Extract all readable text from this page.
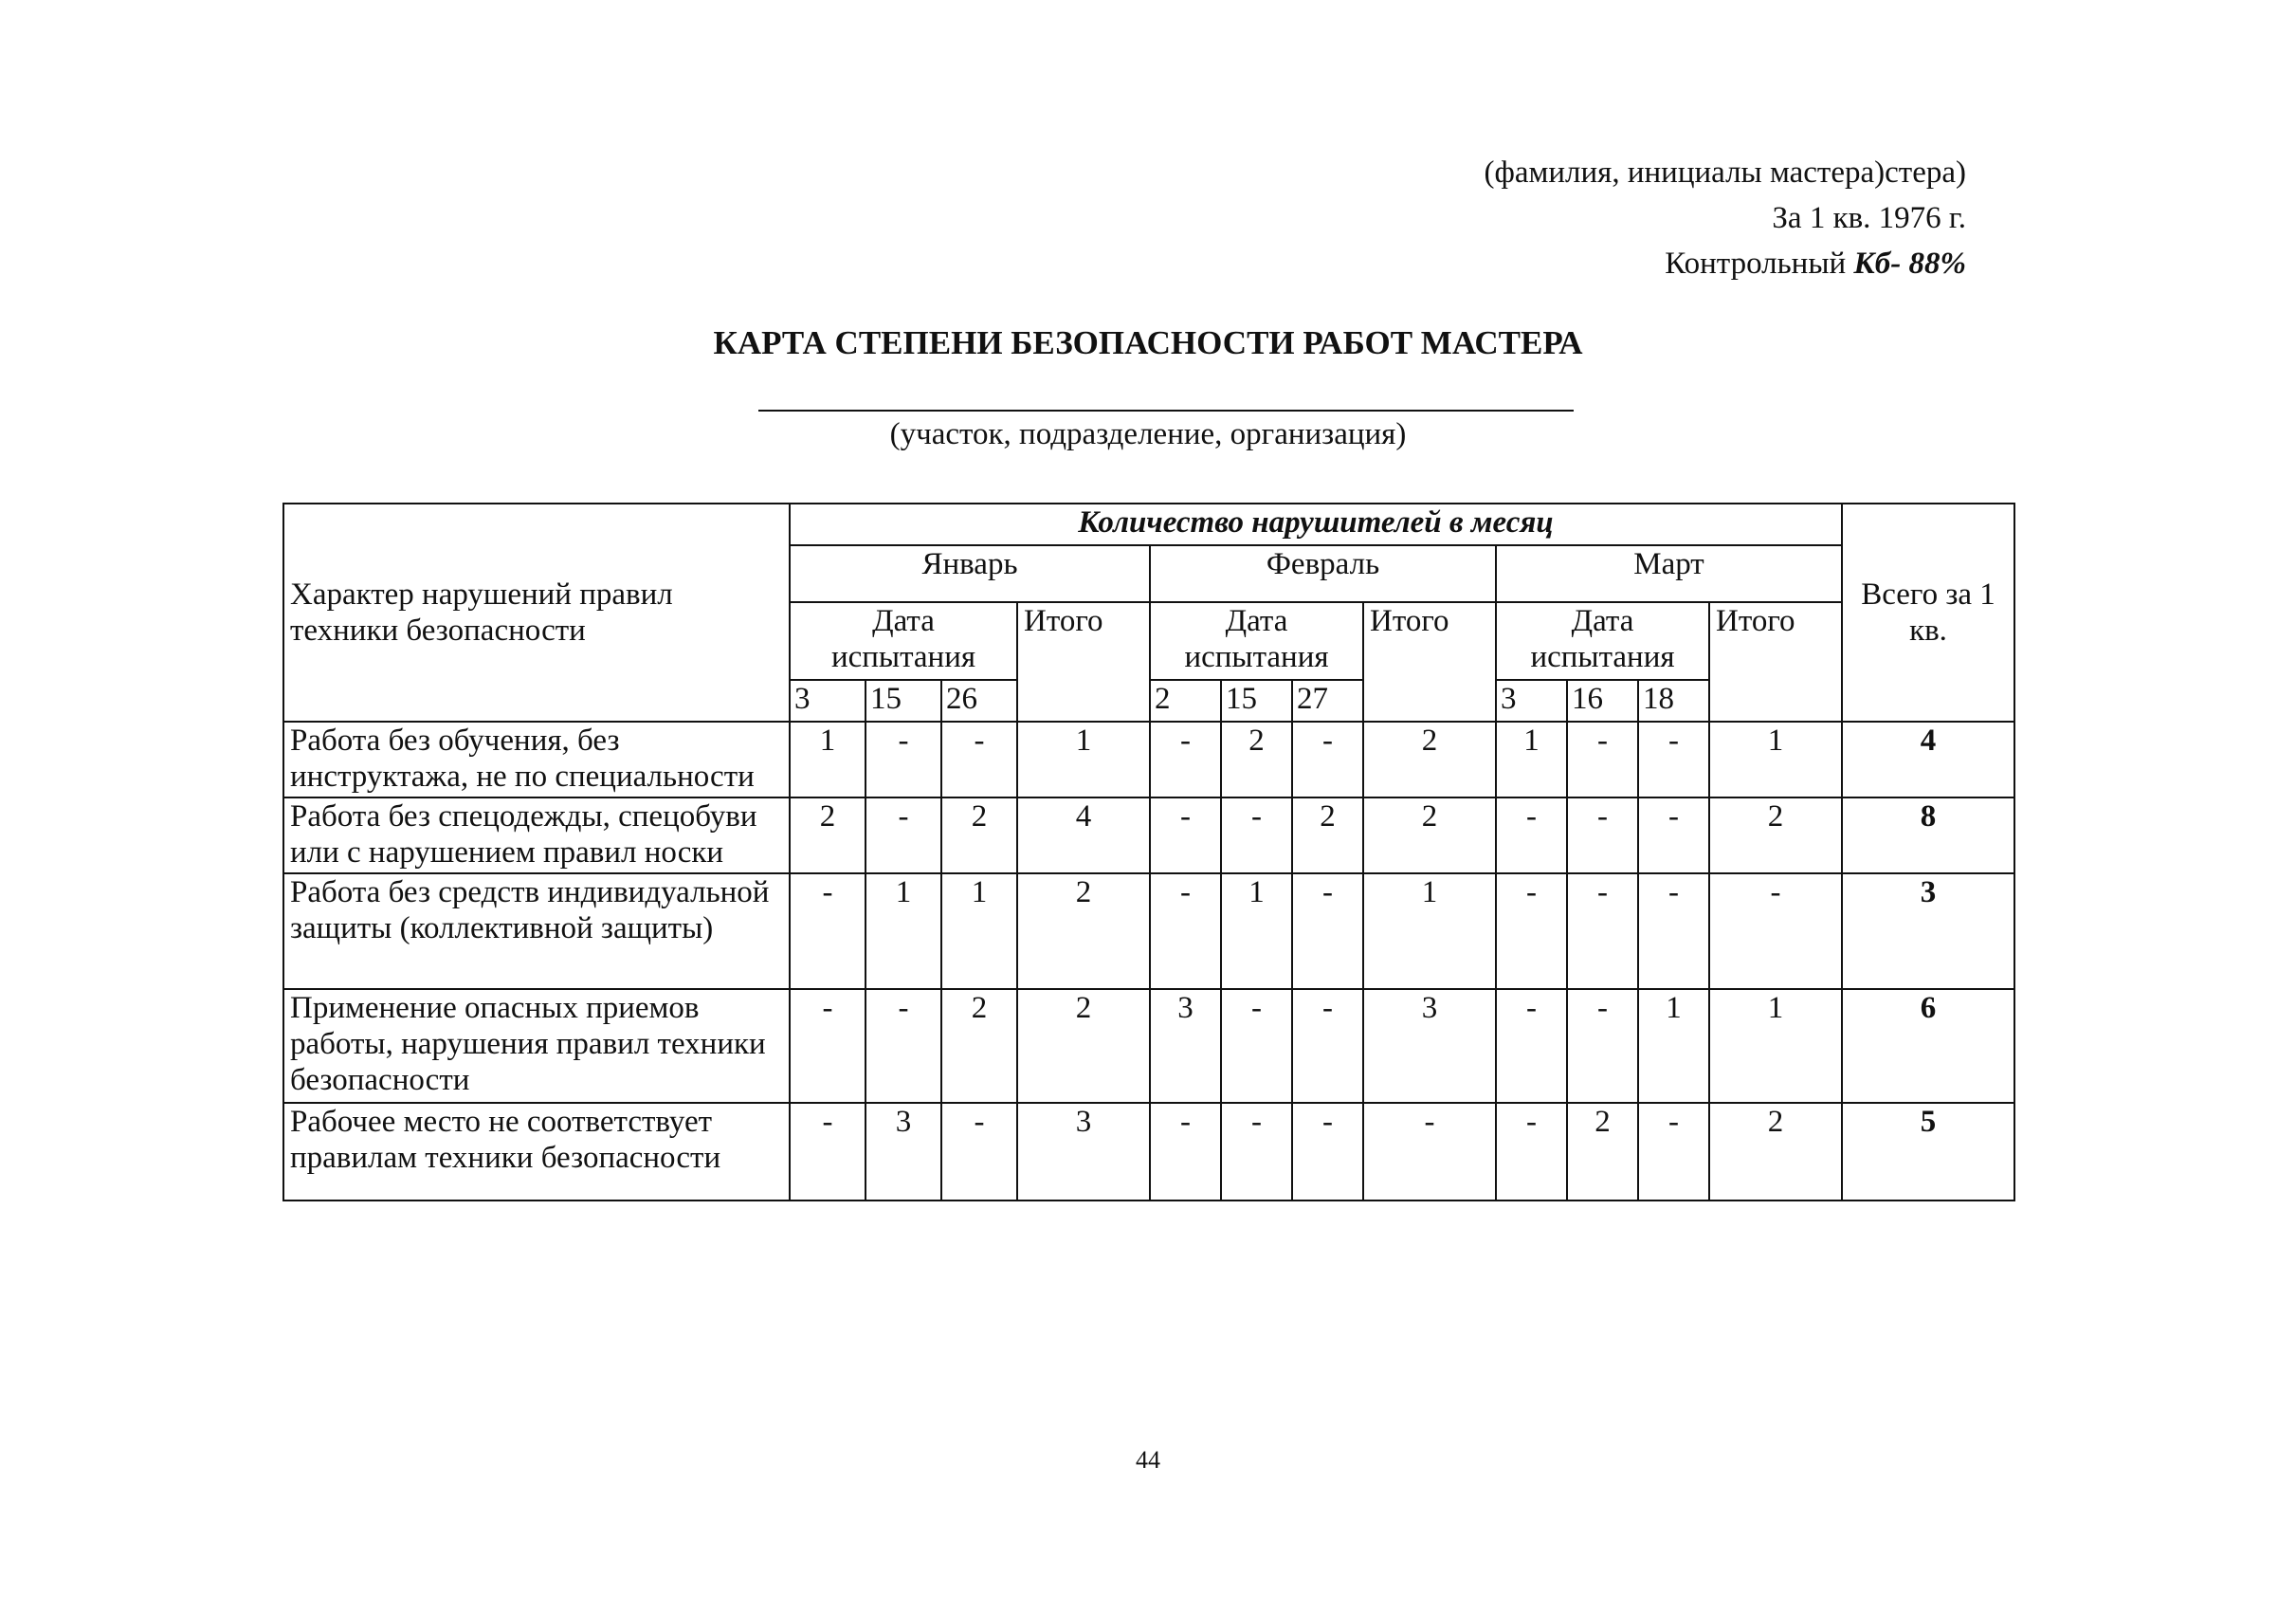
(фамилия, инициалы мастера)стера)
За 1 кв. 1976 г.
Контрольный Кб- 88%
КАРТА СТЕПЕНИ БЕЗОПАСНОСТИ РАБОТ МАСТЕРА
(участок, подразделение, организация)
Характер нарушений правил техники безопасности	Количество нарушителей в месяц												Всего за 1 кв.
	Январь				Февраль				Март				
	Дата испытания			Итого	Дата испытания			Итого	Дата испытания			Итого	
	3	15	26		2	15	27		3	16	18		
Работа без обучения, без инструктажа, не по специальности	1	-	-	1	-	2	-	2	1	-	-	1	4
Работа без спецодежды, спецобуви или с нарушением правил носки	2	-	2	4	-	-	2	2	-	-	-	2	8
Работа без средств индивидуальной защиты (коллективной защиты)	-	1	1	2	-	1	-	1	-	-	-	-	3
Применение опасных приемов работы, нарушения правил техники безопасности	-	-	2	2	3	-	-	3	-	-	1	1	6
Рабочее место не соответствует правилам техники безопасности	-	3	-	3	-	-	-	-	-	2	-	2	5
44
